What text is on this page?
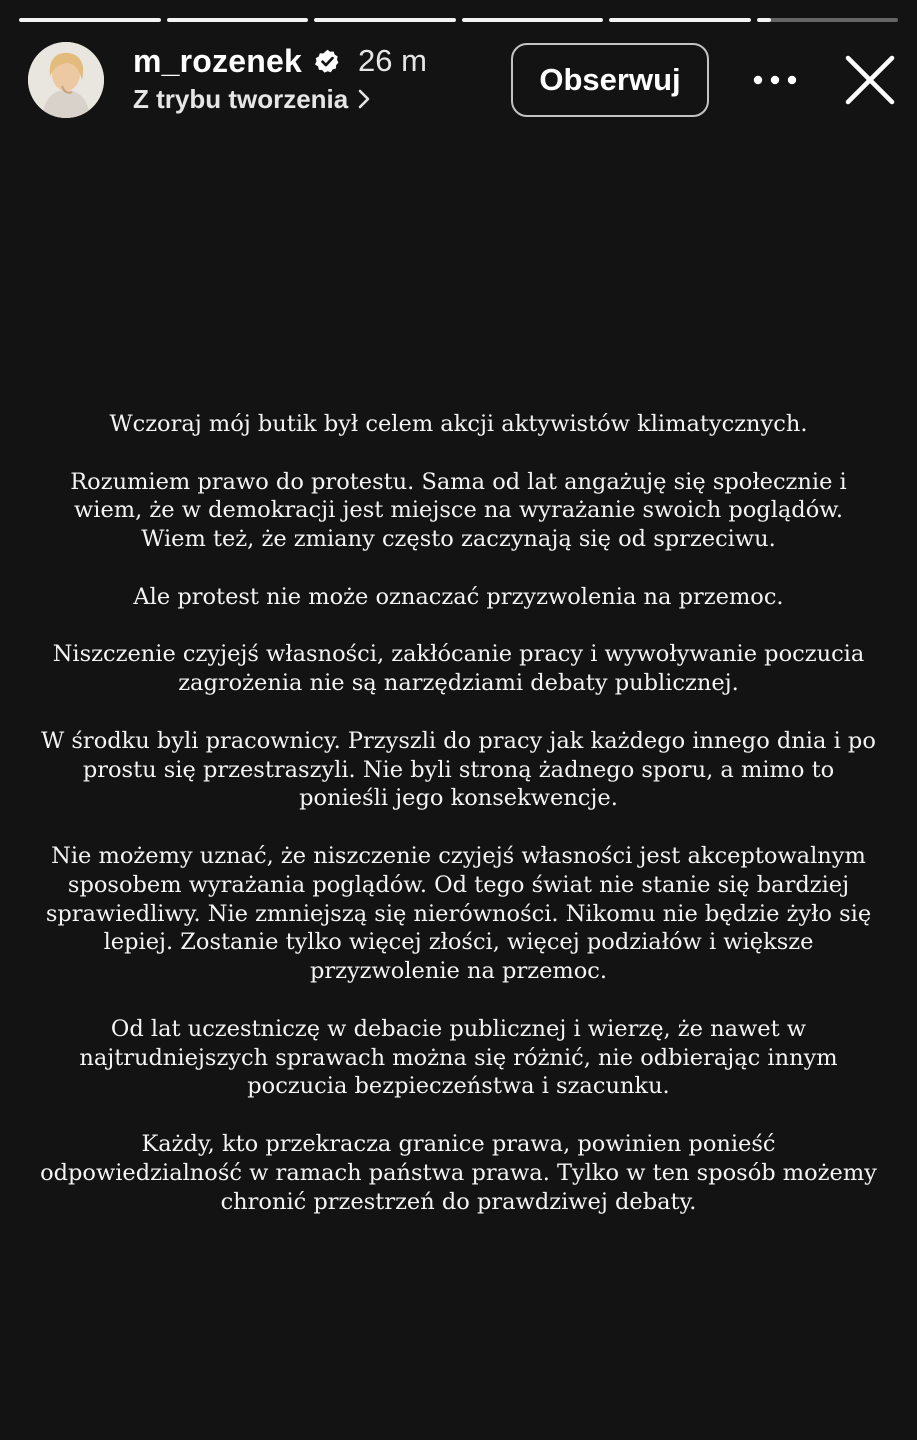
m_rozenek 26 m
Z trybu tworzenia
Obserwuj

Wczoraj mój butik był celem akcji aktywistów klimatycznych.

Rozumiem prawo do protestu. Sama od lat angażuję się społecznie i wiem, że w demokracji jest miejsce na wyrażanie swoich poglądów. Wiem też, że zmiany często zaczynają się od sprzeciwu.

Ale protest nie może oznaczać przyzwolenia na przemoc.

Niszczenie czyjejś własności, zakłócanie pracy i wywoływanie poczucia zagrożenia nie są narzędziami debaty publicznej.

W środku byli pracownicy. Przyszli do pracy jak każdego innego dnia i po prostu się przestraszyli. Nie byli stroną żadnego sporu, a mimo to ponieśli jego konsekwencje.

Nie możemy uznać, że niszczenie czyjejś własności jest akceptowalnym sposobem wyrażania poglądów. Od tego świat nie stanie się bardziej sprawiedliwy. Nie zmniejszą się nierówności. Nikomu nie będzie żyło się lepiej. Zostanie tylko więcej złości, więcej podziałów i większe przyzwolenie na przemoc.

Od lat uczestniczę w debacie publicznej i wierzę, że nawet w najtrudniejszych sprawach można się różnić, nie odbierając innym poczucia bezpieczeństwa i szacunku.

Każdy, kto przekracza granice prawa, powinien ponieść odpowiedzialność w ramach państwa prawa. Tylko w ten sposób możemy chronić przestrzeń do prawdziwej debaty.
